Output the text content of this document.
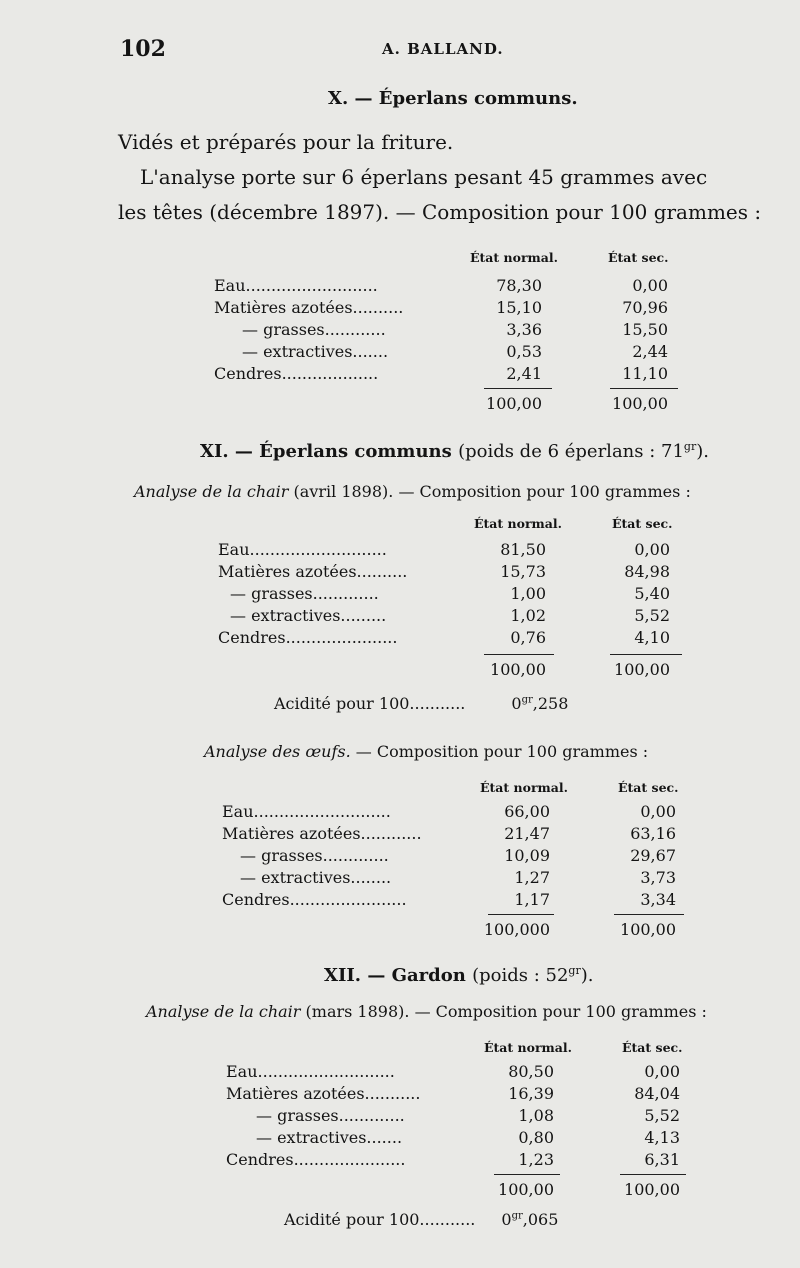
102	A. BALLAND.
X. — Éperlans communs.
Vidés et préparés pour la friture.
L'analyse porte sur 6 éperlans pesant 45 grammes avec
les têtes (décembre 1897). — Composition pour 100 grammes :
État normal.	État sec.
Eau..........................	78,30	0,00
Matières azotées..........	15,10	70,96
— grasses............	3,36	15,50
— extractives.......	0,53	2,44
Cendres...................	2,41	11,10
100,00	100,00
XI. — Éperlans communs (poids de 6 éperlans : $71^{gr}$).
Analyse de la chair (avril 1898). — Composition pour 100 grammes :
État normal.	État sec.
Eau...........................	81,50	0,00
Matières azotées..........	15,73	84,98
— grasses.............	1,00	5,40
— extractives.........	1,02	5,52
Cendres......................	0,76	4,10
100,00	100,00
Acidité pour 100...........	$0^{gr},258$
Analyse des œufs. — Composition pour 100 grammes :
État normal.	État sec.
Eau...........................	66,00	0,00
Matières azotées............	21,47	63,16
— grasses.............	10,09	29,67
— extractives........	1,27	3,73
Cendres.......................	1,17	3,34
100,000	100,00
XII. — Gardon (poids : $52^{gr}$).
Analyse de la chair (mars 1898). — Composition pour 100 grammes :
État normal.	État sec.
Eau...........................	80,50	0,00
Matières azotées...........	16,39	84,04
— grasses.............	1,08	5,52
— extractives.......	0,80	4,13
Cendres......................	1,23	6,31
100,00	100,00
Acidité pour 100........... $0^{gr},065$
